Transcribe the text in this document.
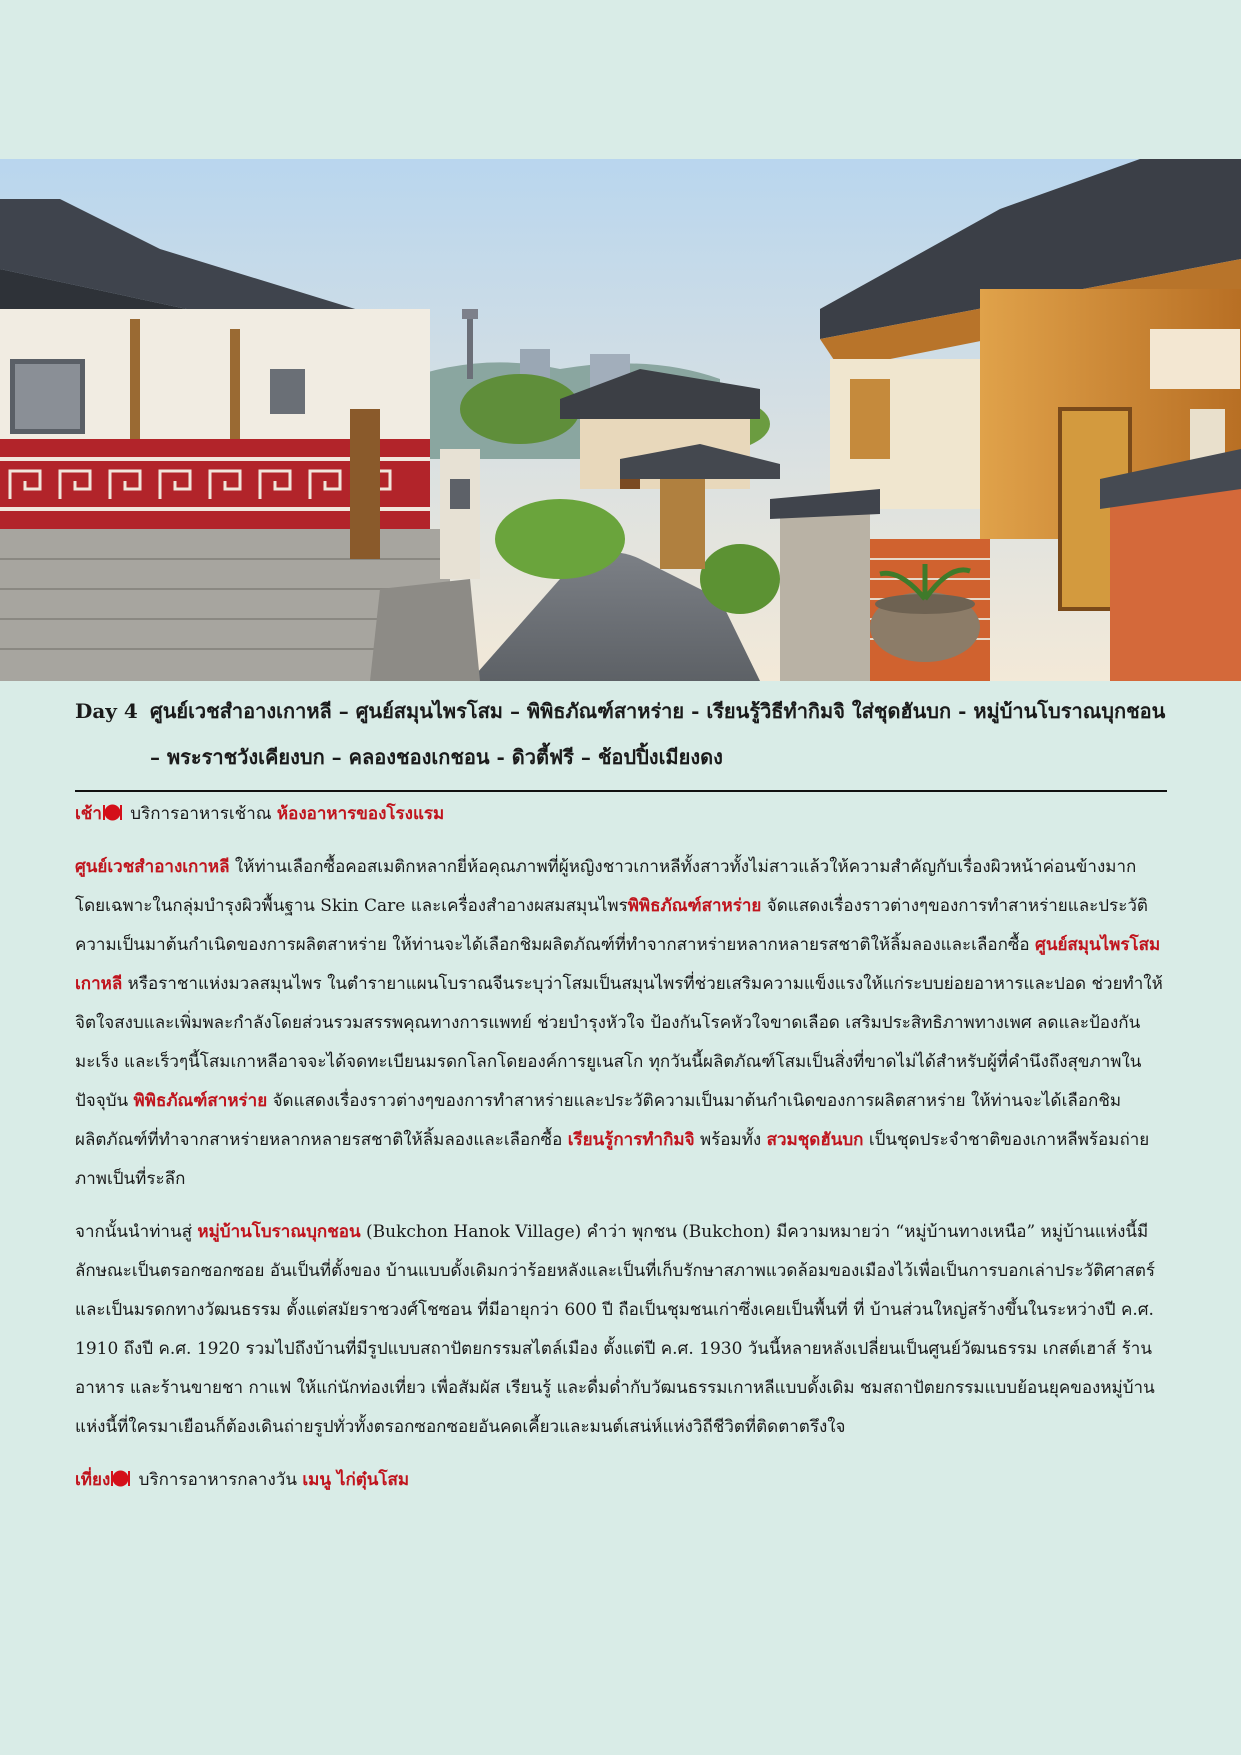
Day 4 ศูนย์เวชสำอางเกาหลี – ศูนย์สมุนไพรโสม – พิพิธภัณฑ์สาหร่าย - เรียนรู้วิธีทำกิมจิ ใส่ชุดฮันบก - หมู่บ้านโบราณบุกชอน – พระราชวังเคียงบก – คลองชองเกชอน - ดิวตี้ฟรี – ช้อปปิ้งเมียงดง

เช้า
บริการอาหารเช้าณ ห้องอาหารของโรงแรม

ศูนย์เวชสำอางเกาหลี ให้ท่านเลือกซื้อคอสเมติกหลากยี่ห้อคุณภาพที่ผู้หญิงชาวเกาหลีทั้งสาวทั้งไม่สาวแล้วให้ความสำคัญกับเรื่องผิวหน้าค่อนข้างมาก โดยเฉพาะในกลุ่มบำรุงผิวพื้นฐาน Skin Care และเครื่องสำอางผสมสมุนไพรพิพิธภัณฑ์สาหร่าย จัดแสดงเรื่องราวต่างๆของการทำสาหร่ายและประวัติความเป็นมาต้นกำเนิดของการผลิตสาหร่าย ให้ท่านจะได้เลือกชิมผลิตภัณฑ์ที่ทำจากสาหร่ายหลากหลายรสชาติให้ลิ้มลองและเลือกซื้อ ศูนย์สมุนไพรโสมเกาหลี หรือราชาแห่งมวลสมุนไพร ในตำรายาแผนโบราณจีนระบุว่าโสมเป็นสมุนไพรที่ช่วยเสริมความแข็งแรงให้แก่ระบบย่อยอาหารและปอด ช่วยทำให้จิตใจสงบและเพิ่มพละกำลังโดยส่วนรวมสรรพคุณทางการแพทย์ ช่วยบำรุงหัวใจ ป้องกันโรคหัวใจขาดเลือด เสริมประสิทธิภาพทางเพศ ลดและป้องกันมะเร็ง และเร็วๆนี้โสมเกาหลีอาจจะได้จดทะเบียนมรดกโลกโดยองค์การยูเนสโก ทุกวันนี้ผลิตภัณฑ์โสมเป็นสิ่งที่ขาดไม่ได้สำหรับผู้ที่คำนึงถึงสุขภาพในปัจจุบัน พิพิธภัณฑ์สาหร่าย จัดแสดงเรื่องราวต่างๆของการทำสาหร่ายและประวัติความเป็นมาต้นกำเนิดของการผลิตสาหร่าย ให้ท่านจะได้เลือกชิมผลิตภัณฑ์ที่ทำจากสาหร่ายหลากหลายรสชาติให้ลิ้มลองและเลือกซื้อ เรียนรู้การทำกิมจิ พร้อมทั้ง สวมชุดฮันบก เป็นชุดประจำชาติของเกาหลีพร้อมถ่ายภาพเป็นที่ระลึก

จากนั้นนำท่านสู่ หมู่บ้านโบราณบุกชอน (Bukchon Hanok Village) คำว่า พุกชน (Bukchon) มีความหมายว่า “หมู่บ้านทางเหนือ” หมู่บ้านแห่งนี้มีลักษณะเป็นตรอกซอกซอย อันเป็นที่ตั้งของ บ้านแบบดั้งเดิมกว่าร้อยหลังและเป็นที่เก็บรักษาสภาพแวดล้อมของเมืองไว้เพื่อเป็นการบอกเล่าประวัติศาสตร์และเป็นมรดกทางวัฒนธรรม ตั้งแต่สมัยราชวงศ์โชซอน ที่มีอายุกว่า 600 ปี ถือเป็นชุมชนเก่าซึ่งเคยเป็นพื้นที่ ที่ บ้านส่วนใหญ่สร้างขึ้นในระหว่างปี ค.ศ. 1910 ถึงปี ค.ศ. 1920 รวมไปถึงบ้านที่มีรูปแบบสถาปัตยกรรมสไตล์เมือง ตั้งแต่ปี ค.ศ. 1930 วันนี้หลายหลังเปลี่ยนเป็นศูนย์วัฒนธรรม เกสต์เฮาส์ ร้านอาหาร และร้านขายชา กาแฟ ให้แก่นักท่องเที่ยว เพื่อสัมผัส เรียนรู้ และดื่มด่ำกับวัฒนธรรมเกาหลีแบบดั้งเดิม ชมสถาปัตยกรรมแบบย้อนยุคของหมู่บ้านแห่งนี้ที่ใครมาเยือนก็ต้องเดินถ่ายรูปทั่วทั้งตรอกซอกซอยอันคดเคี้ยวและมนต์เสน่ห์แห่งวิถีชีวิตที่ติดตาตรึงใจ

เที่ยง
บริการอาหารกลางวัน เมนู ไก่ตุ๋นโสม
